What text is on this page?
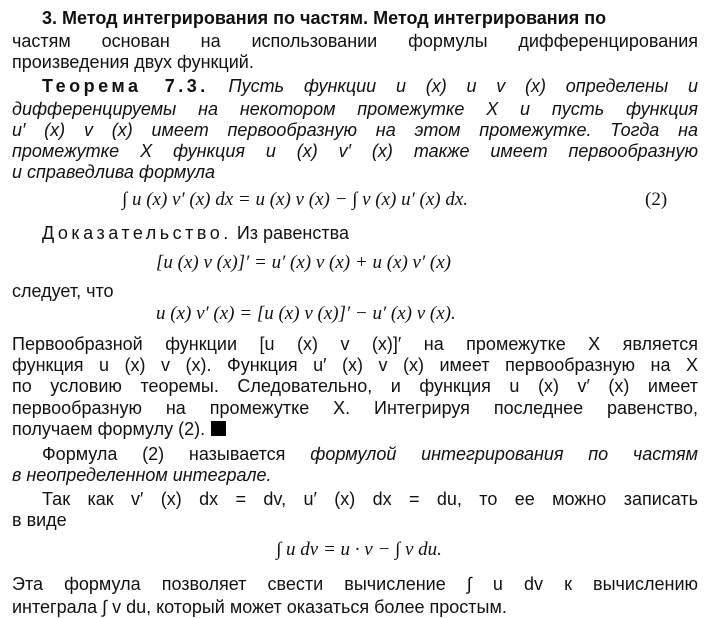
3. Метод интегрирования по частям. Метод интегрирования по
частям основан на использовании формулы дифференцирования
произведения двух функций.
Теорема 7.3. Пусть функции u (x) и v (x) определены и
дифференцируемы на некотором промежутке X и пусть функция
u′ (x) v (x) имеет первообразную на этом промежутке. Тогда на
промежутке X функция u (x) v′ (x) также имеет первообразную
и справедлива формула
∫ u (x) v′ (x) dx = u (x) v (x) − ∫ v (x) u′ (x) dx.	(2)
Доказательство. Из равенства
[u (x) v (x)]′ = u′ (x) v (x) + u (x) v′ (x)
следует, что
u (x) v′ (x) = [u (x) v (x)]′ − u′ (x) v (x).
Первообразной функции [u (x) v (x)]′ на промежутке X является
функция u (x) v (x). Функция u′ (x) v (x) имеет первообразную на X
по условию теоремы. Следовательно, и функция u (x) v′ (x) имеет
первообразную на промежутке X. Интегрируя последнее равенство,
получаем формулу (2).
Формула (2) называется формулой интегрирования по частям
в неопределенном интеграле.
Так как v′ (x) dx = dv, u′ (x) dx = du, то ее можно записать
в виде
∫ u dv = u · v − ∫ v du.
Эта формула позволяет свести вычисление ∫ u dv к вычислению
интеграла ∫ v du, который может оказаться более простым.
